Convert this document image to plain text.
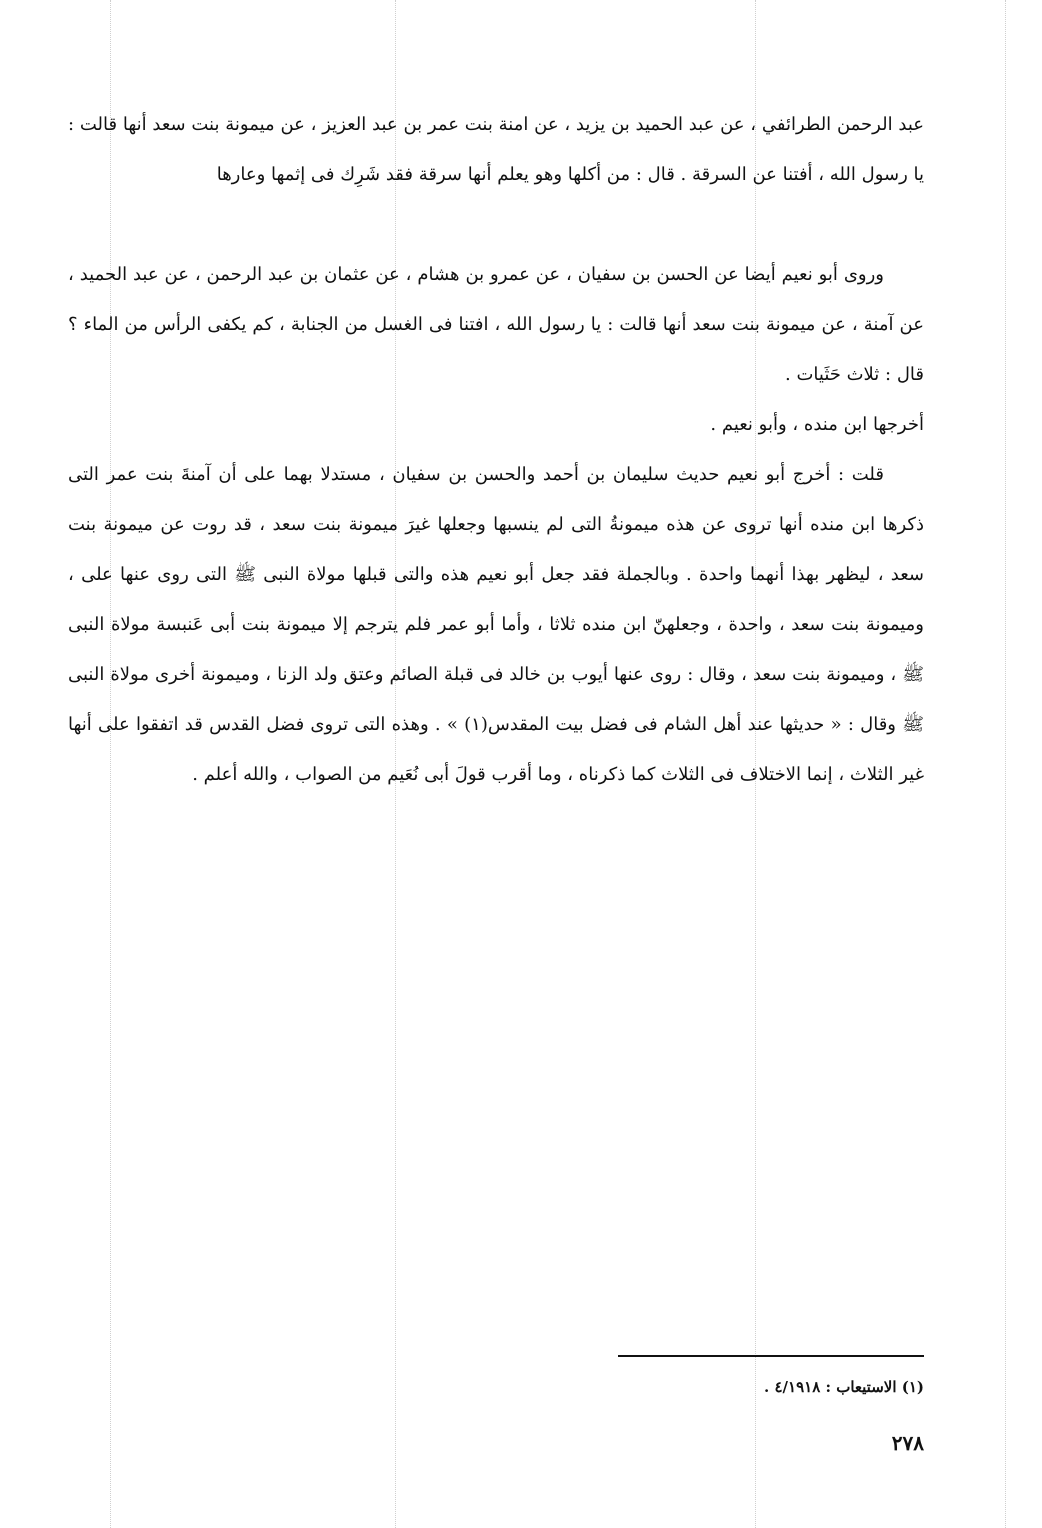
عبد الرحمن الطرائفي ، عن عبد الحميد بن يزيد ، عن امنة بنت عمر بن عبد العزيز ، عن ميمونة بنت سعد أنها قالت : يا رسول الله ، أفتنا عن السرقة . قال : من أكلها وهو يعلم أنها سرقة فقد شَرِك فى إثمها وعارها

وروى أبو نعيم أيضا عن الحسن بن سفيان ، عن عمرو بن هشام ، عن عثمان بن عبد الرحمن ، عن عبد الحميد ، عن آمنة ، عن ميمونة بنت سعد أنها قالت : يا رسول الله ، افتنا فى الغسل من الجنابة ، كم يكفى الرأس من الماء ؟ قال : ثلاث حَثَيات .

أخرجها ابن منده ، وأبو نعيم .

قلت : أخرج أبو نعيم حديث سليمان بن أحمد والحسن بن سفيان ، مستدلا بهما على أن آمنةَ بنت عمر التى ذكرها ابن منده أنها تروى عن هذه ميمونةُ التى لم ينسبها وجعلها غيرَ ميمونة بنت سعد ، قد روت عن ميمونة بنت سعد ، ليظهر بهذا أنهما واحدة . وبالجملة فقد جعل أبو نعيم هذه والتى قبلها مولاة النبى ﷺ التى روى عنها على ، وميمونة بنت سعد ، واحدة ، وجعلهنّ ابن منده ثلاثا ، وأما أبو عمر فلم يترجم إلا ميمونة بنت أبى عَنبسة مولاة النبى ﷺ ، وميمونة بنت سعد ، وقال : روى عنها أيوب بن خالد فى قبلة الصائم وعتق ولد الزنا ، وميمونة أخرى مولاة النبى ﷺ وقال : « حديثها عند أهل الشام فى فضل بيت المقدس(١) » . وهذه التى تروى فضل القدس قد اتفقوا على أنها غير الثلاث ، إنما الاختلاف فى الثلاث كما ذكرناه ، وما أقرب قولَ أبى نُعَيم من الصواب ، والله أعلم .

(١) الاستيعاب : ٤/١٩١٨ .
٢٧٨
